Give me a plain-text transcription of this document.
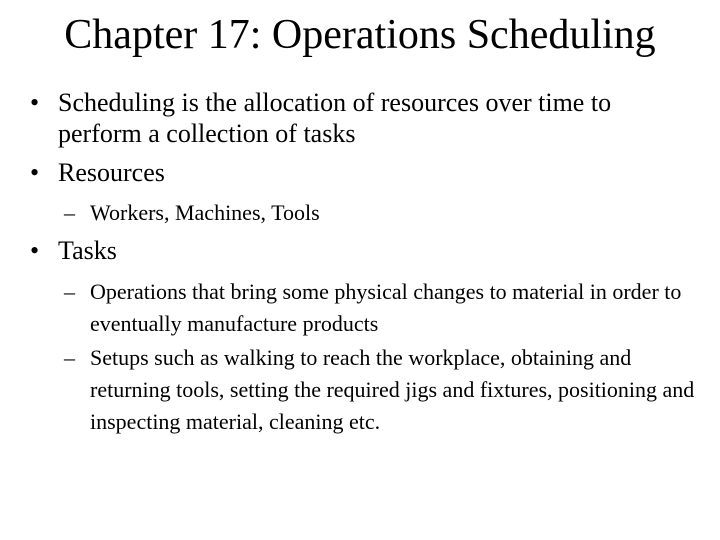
Chapter 17: Operations Scheduling
• Scheduling is the allocation of resources over time to perform a collection of tasks
• Resources
– Workers, Machines, Tools
• Tasks
– Operations that bring some physical changes to material in order to eventually manufacture products
– Setups such as walking to reach the workplace, obtaining and returning tools, setting the required jigs and fixtures, positioning and inspecting material, cleaning etc.
